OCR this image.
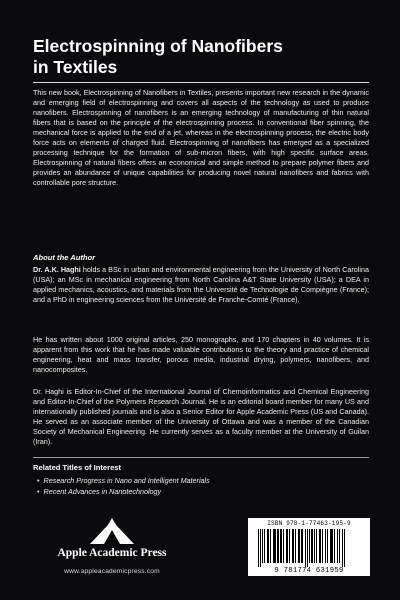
Electrospinning of Nanofibers
in Textiles
This new book, Electrospinning of Nanofibers in Textiles, presents important new research in the dynamic and emerging field of electrospinning and covers all aspects of the technology as used to produce nanofibers. Electrospinning of nanofibers is an emerging technology of manufacturing of thin natural fibers that is based on the principle of the electrospinning process. In conventional fiber spinning, the mechanical force is applied to the end of a jet, whereas in the electrospinning process, the electric body force acts on elements of charged fluid. Electrospinning of nanofibers has emerged as a specialized processing technique for the formation of sub-micron fibers, with high specific surface areas. Electrospinning of natural fibers offers an economical and simple method to prepare polymer fibers and provides an abundance of unique capabilities for producing novel natural nanofibers and fabrics with controllable pore structure.
About the Author
Dr. A.K. Haghi holds a BSc in urban and environmental engineering from the University of North Carolina (USA); an MSc in mechanical engineering from North Carolina A&T State University (USA); a DEA in applied mechanics, acoustics, and materials from the Université de Technologie de Compiègne (France); and a PhD in engineering sciences from the Université de Franche-Comté (France).
He has written about 1000 original articles, 250 monographs, and 170 chapters in 40 volumes. It is apparent from this work that he has made valuable contributions to the theory and practice of chemical engineering, heat and mass transfer, porous media, industrial drying, polymers, nanofibers, and nanocomposites.
Dr. Haghi is Editor-In-Chief of the International Journal of Chemoinformatics and Chemical Engineering and Editor-In-Chief of the Polymers Research Journal. He is an editorial board member for many US and internationally published journals and is also a Senior Editor for Apple Academic Press (US and Canada). He served as an associate member of the University of Ottawa and was a member of the Canadian Society of Mechanical Engineering. He currently serves as a faculty member at the University of Guilan (Iran).
Related Titles of Interest
• Research Progress in Nano and Intelligent Materials
• Recent Advances in Nanotechnology
Apple Academic Press
www.appleacademicpress.com
ISBN 978-1-77463-195-9
9 781774 631959
